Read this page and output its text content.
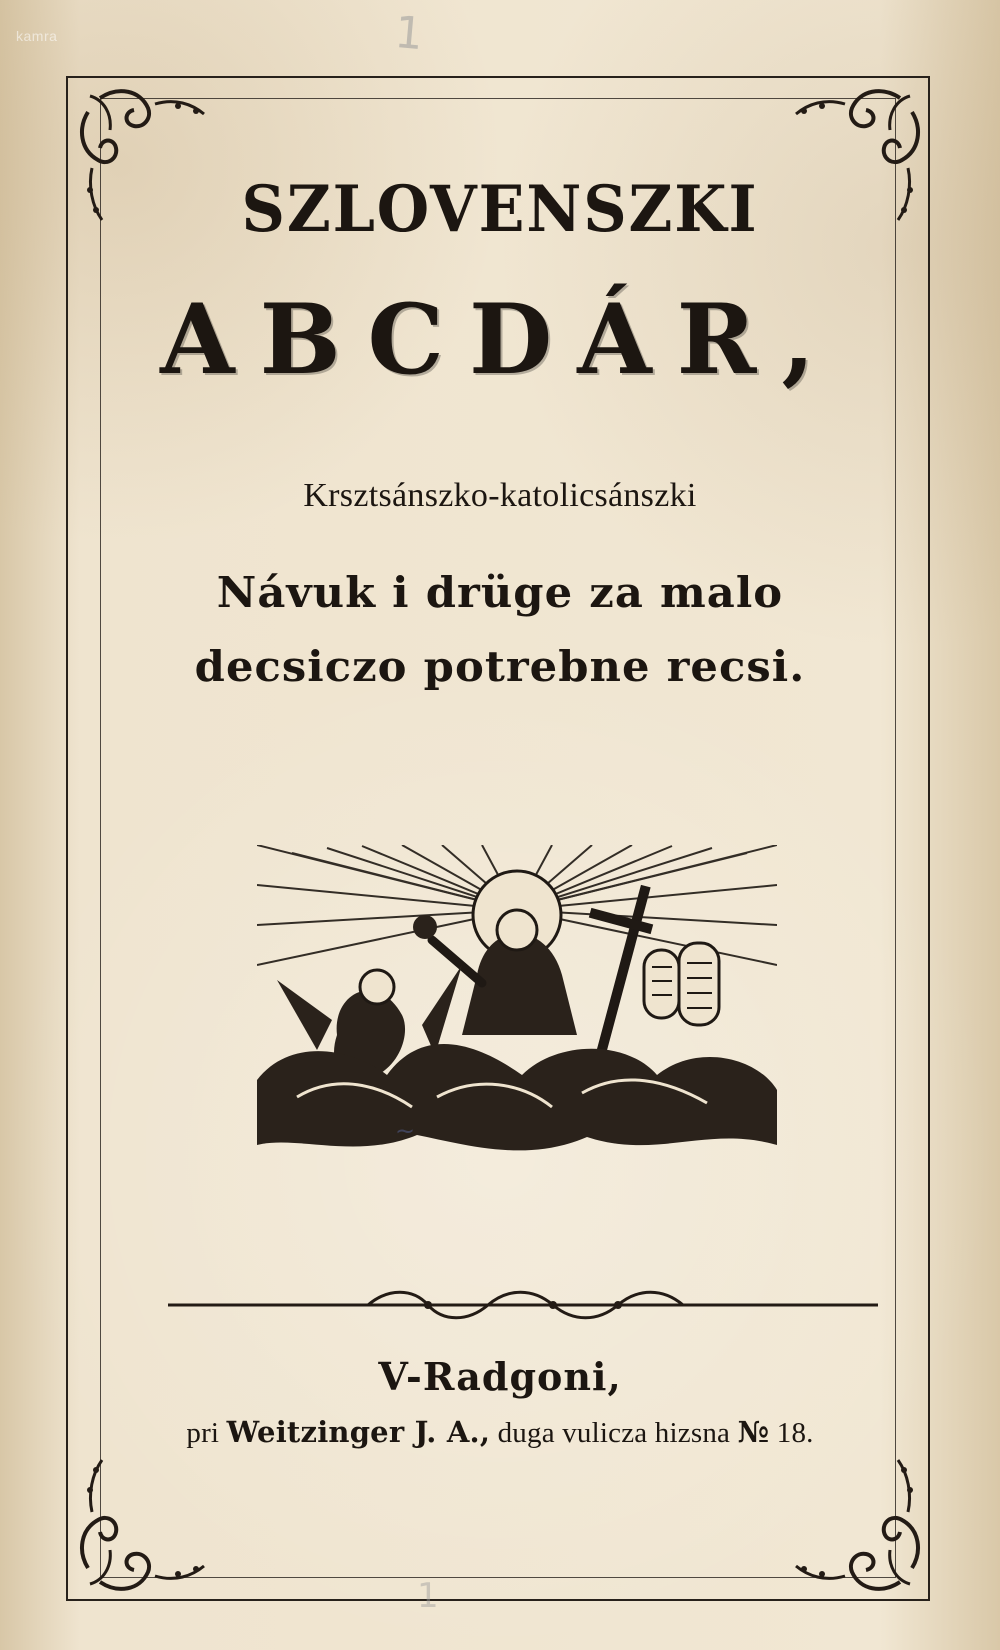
kamra	1
SZLOVENSZKI
ABCDÁR,
Krsztsánszko-katolicsánszki
Návuk i drüge za malo
decsiczo potrebne recsi.
~
V-Radgoni,
pri Weitzinger J. A., duga vulicza hizsna № 18.
1
